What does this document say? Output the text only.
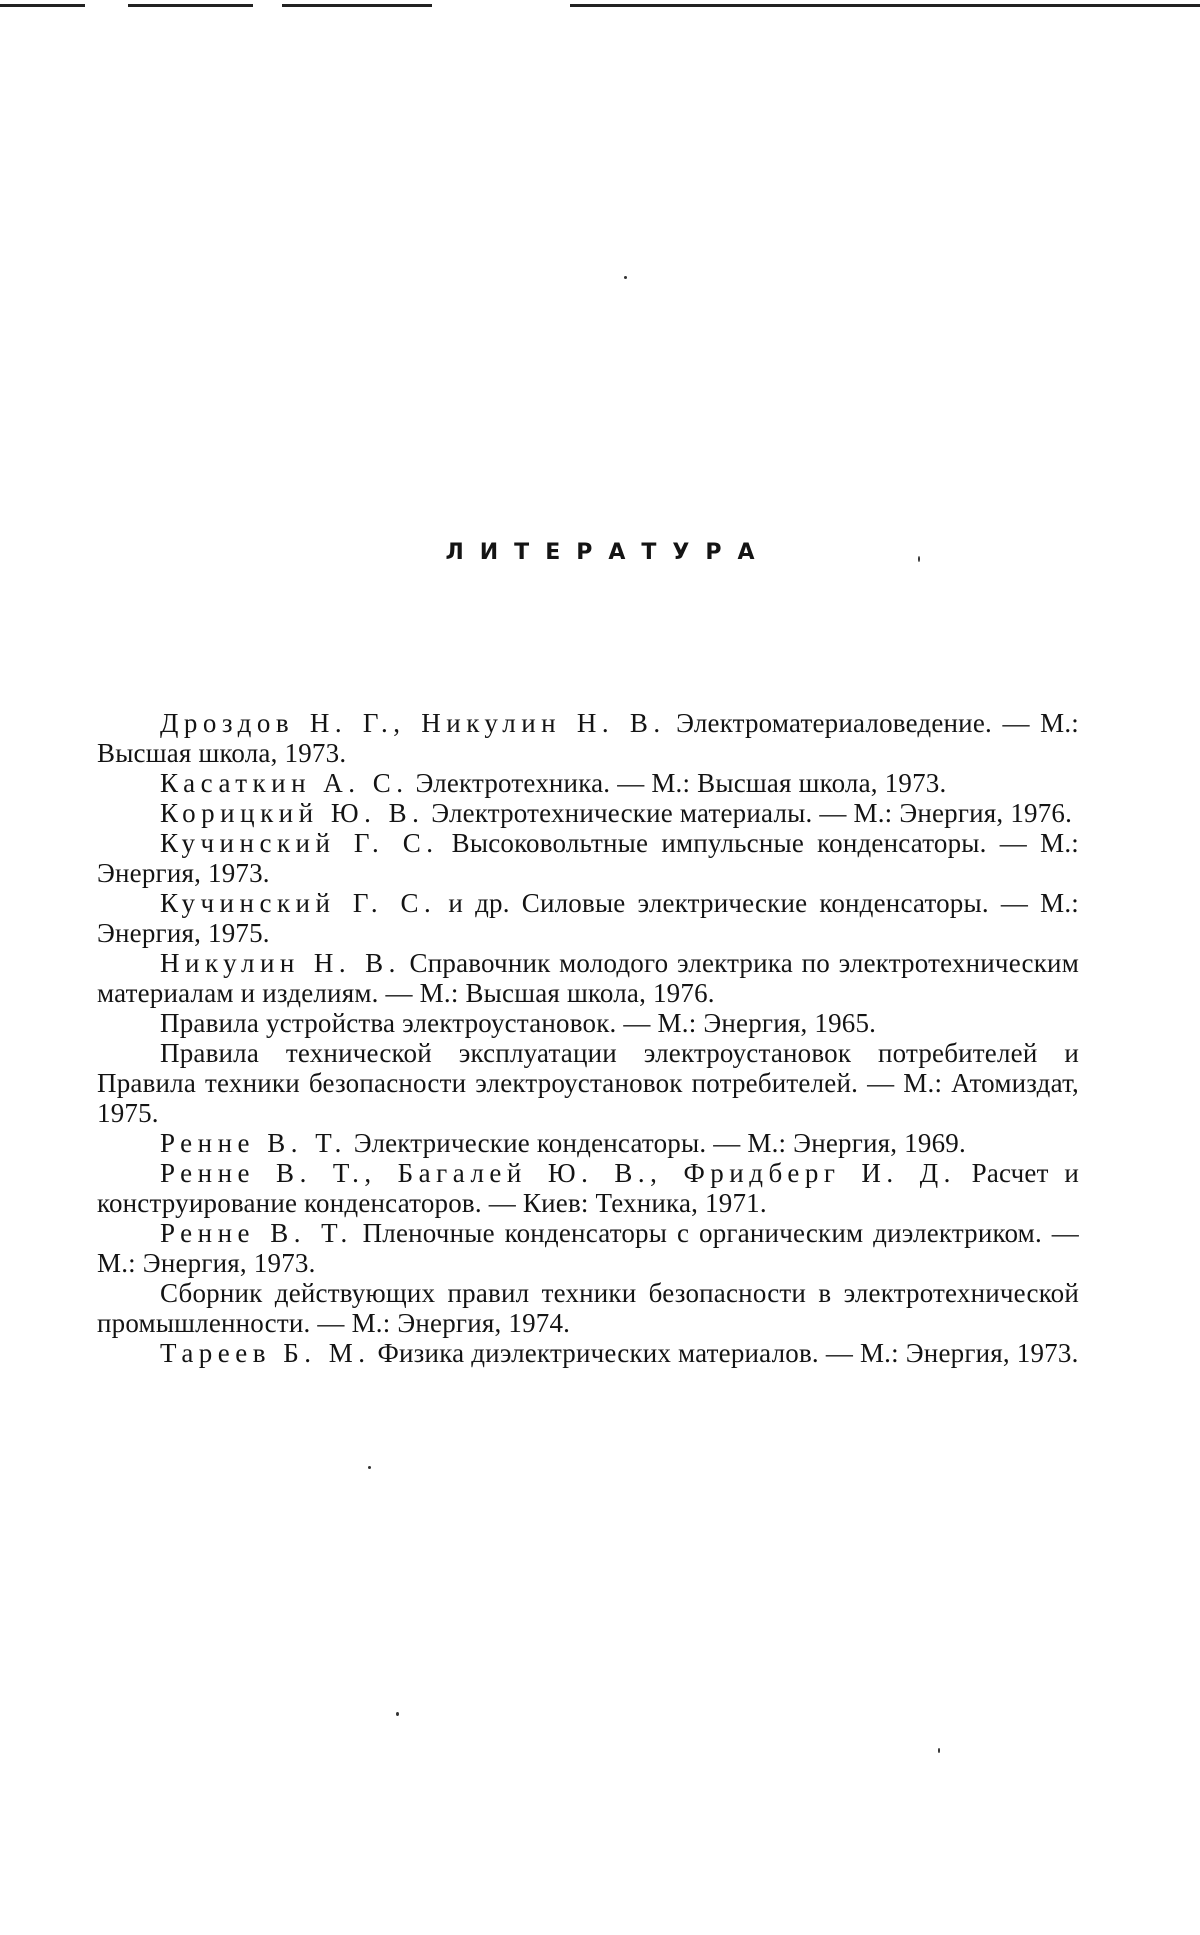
ЛИТЕРАТУРА

Дроздов Н. Г., Никулин Н. В. Электроматериаловедение. — М.: Высшая школа, 1973.

Касаткин А. С. Электротехника. — М.: Высшая школа, 1973.

Корицкий Ю. В. Электротехнические материалы. — М.: Энергия, 1976.

Кучинский Г. С. Высоковольтные импульсные конденсаторы. — М.: Энергия, 1973.

Кучинский Г. С. и др. Силовые электрические конденсаторы. — М.: Энергия, 1975.

Никулин Н. В. Справочник молодого электрика по электротехническим материалам и изделиям. — М.: Высшая школа, 1976.

Правила устройства электроустановок. — М.: Энергия, 1965.

Правила технической эксплуатации электроустановок потребителей и Правила техники безопасности электроустановок потребителей. — М.: Атомиздат, 1975.

Ренне В. Т. Электрические конденсаторы. — М.: Энергия, 1969.

Ренне В. Т., Багалей Ю. В., Фридберг И. Д. Расчет и конструирование конденсаторов. — Киев: Техника, 1971.

Ренне В. Т. Пленочные конденсаторы с органическим диэлектриком. — М.: Энергия, 1973.

Сборник действующих правил техники безопасности в электротехнической промышленности. — М.: Энергия, 1974.

Тареев Б. М. Физика диэлектрических материалов. — М.: Энергия, 1973.
